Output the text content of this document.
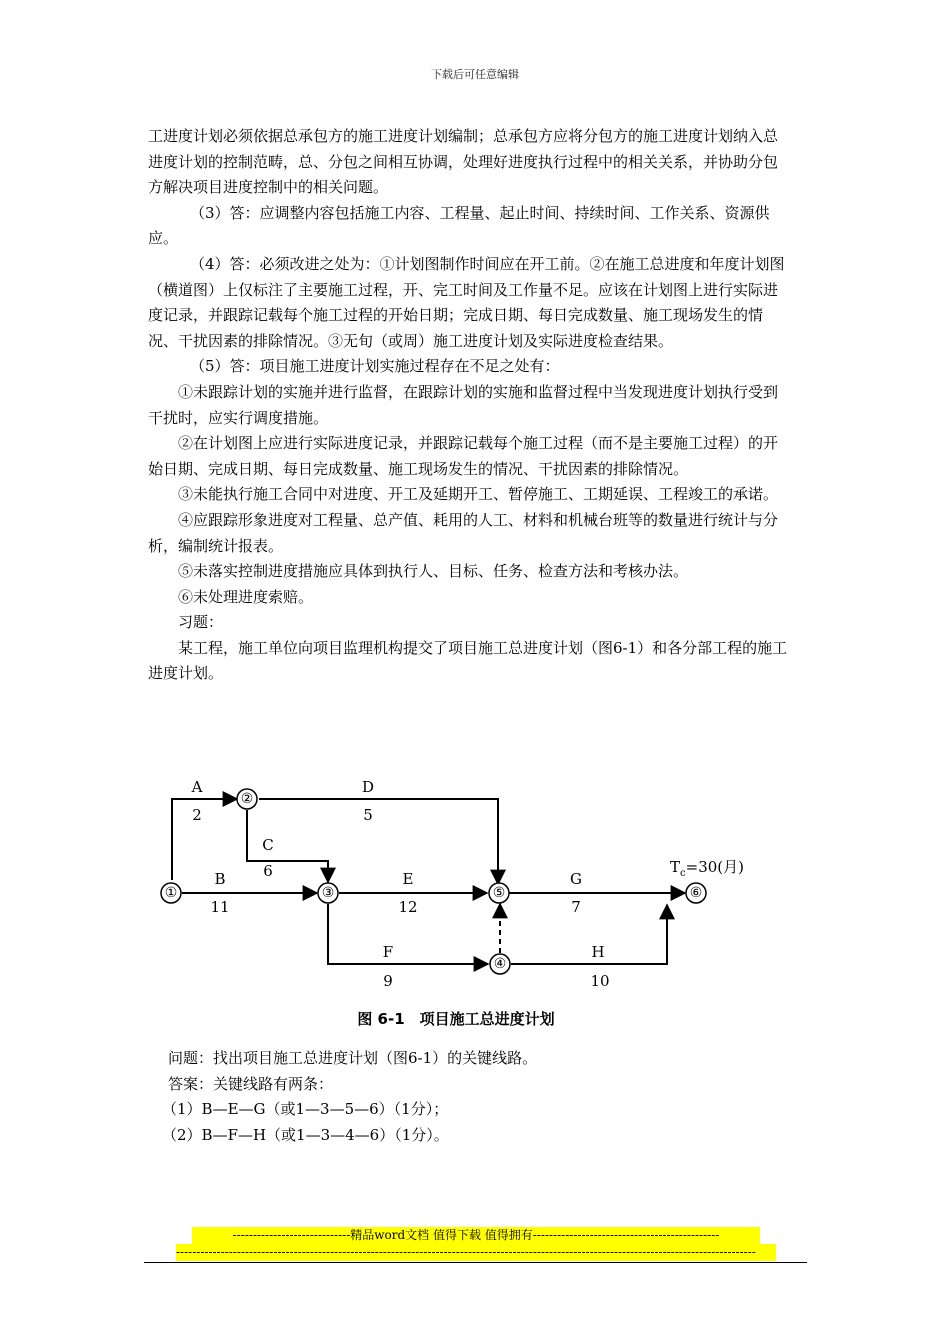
下载后可任意编辑

工进度计划必须依据总承包方的施工进度计划编制；总承包方应将分包方的施工进度计划纳入总进度计划的控制范畴，总、分包之间相互协调，处理好进度执行过程中的相关关系，并协助分包方解决项目进度控制中的相关问题。

（3）答：应调整内容包括施工内容、工程量、起止时间、持续时间、工作关系、资源供应。

（4）答：必须改进之处为：①计划图制作时间应在开工前。②在施工总进度和年度计划图（横道图）上仅标注了主要施工过程，开、完工时间及工作量不足。应该在计划图上进行实际进度记录，并跟踪记载每个施工过程的开始日期；完成日期、每日完成数量、施工现场发生的情况、干扰因素的排除情况。③无旬（或周）施工进度计划及实际进度检查结果。

（5）答：项目施工进度计划实施过程存在不足之处有：

①未跟踪计划的实施并进行监督，在跟踪计划的实施和监督过程中当发现进度计划执行受到干扰时，应实行调度措施。

②在计划图上应进行实际进度记录，并跟踪记载每个施工过程（而不是主要施工过程）的开始日期、完成日期、每日完成数量、施工现场发生的情况、干扰因素的排除情况。

③未能执行施工合同中对进度、开工及延期开工、暂停施工、工期延误、工程竣工的承诺。

④应跟踪形象进度对工程量、总产值、耗用的人工、材料和机械台班等的数量进行统计与分析，编制统计报表。

⑤未落实控制进度措施应具体到执行人、目标、任务、检查方法和考核办法。

⑥未处理进度索赔。

习题：

某工程，施工单位向项目监理机构提交了项目施工总进度计划（图6-1）和各分部工程的施工进度计划。

①
②
③
④
⑤	⑥
A
2
B
11
C
6
D
5
E
12
F
9
G
7
H
10
$T_c=30$(月)
图 6-1　项目施工总进度计划

问题：找出项目施工总进度计划（图6-1）的关键线路。

答案：关键线路有两条：

（1）B—E—G（或1—3—5—6）（1分）；

（2）B—F—H（或1—3—4—6）（1分）。

-----------------------------精品word文档 值得下载 值得拥有----------------------------------------------
-----------------------------------------------------------------------------------------------------------------------------------------------
